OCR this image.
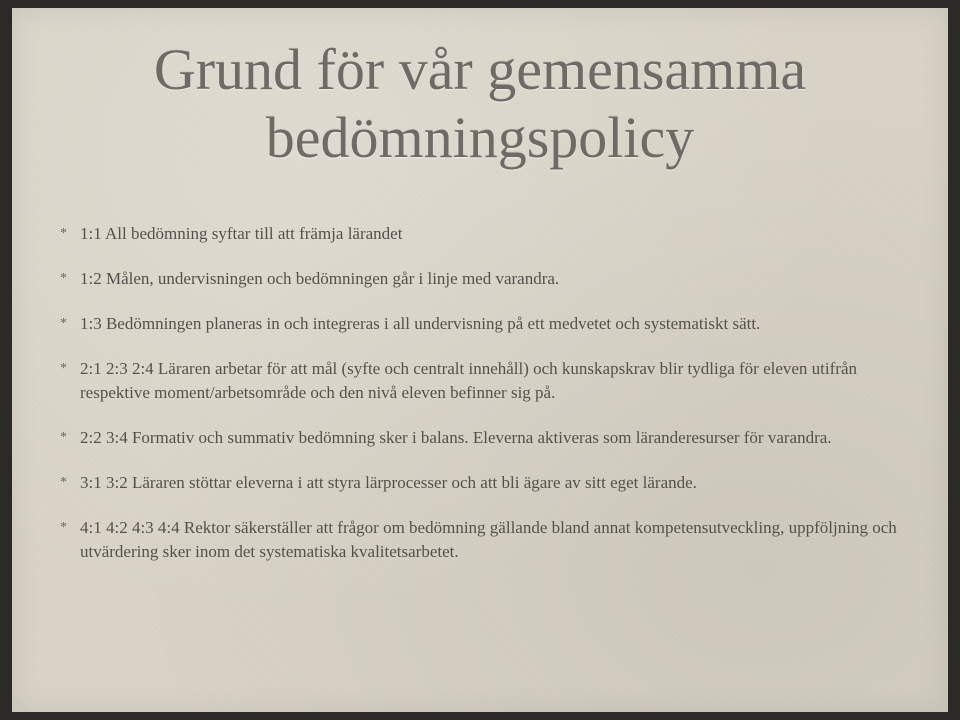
Grund för vår gemensamma bedömningspolicy
* 1:1 All bedömning syftar till att främja lärandet
* 1:2 Målen, undervisningen och bedömningen går i linje med varandra.
* 1:3 Bedömningen planeras in och integreras i all undervisning på ett medvetet och systematiskt sätt.
* 2:1 2:3 2:4 Läraren arbetar för att mål (syfte och centralt innehåll) och kunskapskrav blir tydliga för eleven utifrån respektive moment/arbetsområde och den nivå eleven befinner sig på.
* 2:2 3:4 Formativ och summativ bedömning sker i balans. Eleverna aktiveras som läranderesurser för varandra.
* 3:1 3:2 Läraren stöttar eleverna i att styra lärprocesser och att bli ägare av sitt eget lärande.
* 4:1 4:2 4:3 4:4 Rektor säkerställer att frågor om bedömning gällande bland annat kompetensutveckling, uppföljning och utvärdering sker inom det systematiska kvalitetsarbetet.
